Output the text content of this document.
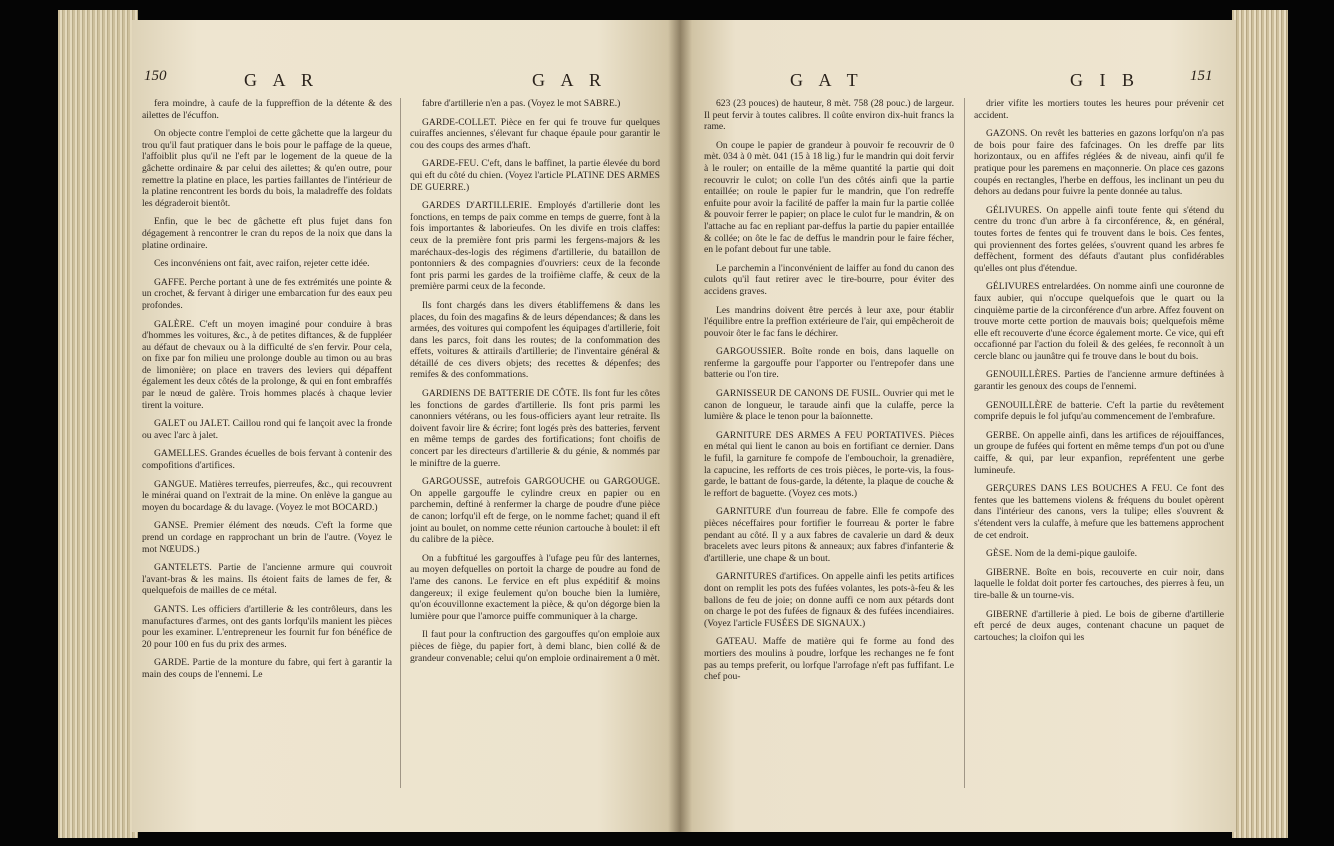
150	G A R	G A R

fera moindre, à caufe de la fuppreffion de la détente & des ailettes de l'écuffon.

On objecte contre l'emploi de cette gâchette que la largeur du trou qu'il faut pratiquer dans le bois pour le paffage de la queue, l'affoiblit plus qu'il ne l'eft par le logement de la queue de la gâchette ordinaire & par celui des ailettes; & qu'en outre, pour remettre la platine en place, les parties faillantes de l'intérieur de la platine rencontrent les bords du bois, la maladreffe des foldats les dégraderoit bientôt.

Enfin, que le bec de gâchette eft plus fujet dans fon dégagement à rencontrer le cran du repos de la noix que dans la platine ordinaire.

Ces inconvéniens ont fait, avec raifon, rejeter cette idée.

GAFFE. Perche portant à une de fes extrémités une pointe & un crochet, & fervant à diriger une embarcation fur des eaux peu profondes.

GALÈRE. C'eft un moyen imaginé pour conduire à bras d'hommes les voitures, &c., à de petites diftances, & de fuppléer au défaut de chevaux ou à la difficulté de s'en fervir. Pour cela, on fixe par fon milieu une prolonge double au timon ou au bras de limonière; on place en travers des leviers qui dépaffent également les deux côtés de la prolonge, & qui en font embraffés par le nœud de galère. Trois hommes placés à chaque levier tirent la voiture.

GALET ou JALET. Caillou rond qui fe lançoit avec la fronde ou avec l'arc à jalet.

GAMELLES. Grandes écuelles de bois fervant à contenir des compofitions d'artifices.

GANGUE. Matières terreufes, pierreufes, &c., qui recouvrent le minérai quand on l'extrait de la mine. On enlève la gangue au moyen du bocardage & du lavage. (Voyez le mot BOCARD.)

GANSE. Premier élément des nœuds. C'eft la forme que prend un cordage en rapprochant un brin de l'autre. (Voyez le mot NŒUDS.)

GANTELETS. Partie de l'ancienne armure qui couvroit l'avant-bras & les mains. Ils étoient faits de lames de fer, & quelquefois de mailles de ce métal.

GANTS. Les officiers d'artillerie & les contrôleurs, dans les manufactures d'armes, ont des gants lorfqu'ils manient les pièces pour les examiner. L'entrepreneur les fournit fur fon bénéfice de 20 pour 100 en fus du prix des armes.

GARDE. Partie de la monture du fabre, qui fert à garantir la main des coups de l'ennemi. Le

fabre d'artillerie n'en a pas. (Voyez le mot SABRE.)

GARDE-COLLET. Pièce en fer qui fe trouve fur quelques cuiraffes anciennes, s'élevant fur chaque épaule pour garantir le cou des coups des armes d'haft.

GARDE-FEU. C'eft, dans le baffinet, la partie élevée du bord qui eft du côté du chien. (Voyez l'article PLATINE DES ARMES DE GUERRE.)

GARDES D'ARTILLERIE. Employés d'artillerie dont les fonctions, en temps de paix comme en temps de guerre, font à la fois importantes & laborieufes. On les divife en trois claffes: ceux de la première font pris parmi les fergens-majors & les maréchaux-des-logis des régimens d'artillerie, du bataillon de pontonniers & des compagnies d'ouvriers: ceux de la feconde font pris parmi les gardes de la troifième claffe, & ceux de la première parmi ceux de la feconde.

Ils font chargés dans les divers établiffemens & dans les places, du foin des magafins & de leurs dépendances; & dans les armées, des voitures qui compofent les équipages d'artillerie, foit dans les parcs, foit dans les routes; de la confommation des effets, voitures & attirails d'artillerie; de l'inventaire général & détaillé de ces divers objets; des recettes & dépenfes; des remifes & des confommations.

GARDIENS DE BATTERIE DE CÔTE. Ils font fur les côtes les fonctions de gardes d'artillerie. Ils font pris parmi les canonniers vétérans, ou les fous-officiers ayant leur retraite. Ils doivent favoir lire & écrire; font logés près des batteries, fervent en même temps de gardes des fortifications; font choifis de concert par les directeurs d'artillerie & du génie, & nommés par le miniftre de la guerre.

GARGOUSSE, autrefois GARGOUCHE ou GARGOUGE. On appelle gargouffe le cylindre creux en papier ou en parchemin, deftiné à renfermer la charge de poudre d'une pièce de canon; lorfqu'il eft de ferge, on le nomme fachet; quand il eft joint au boulet, on nomme cette réunion cartouche à boulet: il eft du calibre de la pièce.

On a fubftitué les gargouffes à l'ufage peu fûr des lanternes, au moyen defquelles on portoit la charge de poudre au fond de l'ame des canons. Le fervice en eft plus expéditif & moins dangereux; il exige feulement qu'on bouche bien la lumière, qu'on écouvillonne exactement la pièce, & qu'on dégorge bien la lumière pour que l'amorce puiffe communiquer à la charge.

Il faut pour la conftruction des gargouffes qu'on emploie aux pièces de fiège, du papier fort, à demi blanc, bien collé & de grandeur convenable; celui qu'on emploie ordinairement a 0 mèt.

G A T	G I B	151

623 (23 pouces) de hauteur, 8 mèt. 758 (28 pouc.) de largeur. Il peut fervir à toutes calibres. Il coûte environ dix-huit francs la rame.

On coupe le papier de grandeur à pouvoir fe recouvrir de 0 mèt. 034 à 0 mèt. 041 (15 à 18 lig.) fur le mandrin qui doit fervir à le rouler; on entaille de la même quantité la partie qui doit recouvrir le culot; on colle l'un des côtés ainfi que la partie entaillée; on roule le papier fur le mandrin, que l'on redreffe enfuite pour avoir la facilité de paffer la main fur la partie collée & pouvoir ferrer le papier; on place le culot fur le mandrin, & on l'attache au fac en repliant par-deffus la partie du papier entaillée & collée; on ôte le fac de deffus le mandrin pour le faire fécher, en le pofant debout fur une table.

Le parchemin a l'inconvénient de laiffer au fond du canon des culots qu'il faut retirer avec le tire-bourre, pour éviter des accidens graves.

Les mandrins doivent être percés à leur axe, pour établir l'équilibre entre la preffion extérieure de l'air, qui empêcheroit de pouvoir ôter le fac fans le déchirer.

GARGOUSSIER. Boîte ronde en bois, dans laquelle on renferme la gargouffe pour l'apporter ou l'entrepofer dans une batterie ou l'on tire.

GARNISSEUR DE CANONS DE FUSIL. Ouvrier qui met le canon de longueur, le taraude ainfi que la culaffe, perce la lumière & place le tenon pour la baïonnette.

GARNITURE DES ARMES A FEU PORTATIVES. Pièces en métal qui lient le canon au bois en fortifiant ce dernier. Dans le fufil, la garniture fe compofe de l'embouchoir, la grenadière, la capucine, les refforts de ces trois pièces, le porte-vis, la fous-garde, le battant de fous-garde, la détente, la plaque de couche & le reffort de baguette. (Voyez ces mots.)

GARNITURE d'un fourreau de fabre. Elle fe compofe des pièces néceffaires pour fortifier le fourreau & porter le fabre pendant au côté. Il y a aux fabres de cavalerie un dard & deux bracelets avec leurs pitons & anneaux; aux fabres d'infanterie & d'artillerie, une chape & un bout.

GARNITURES d'artifices. On appelle ainfi les petits artifices dont on remplit les pots des fufées volantes, les pots-à-feu & les ballons de feu de joie; on donne auffi ce nom aux pétards dont on charge le pot des fufées de fignaux & des fufées incendiaires. (Voyez l'article FUSÉES DE SIGNAUX.)

GATEAU. Maffe de matière qui fe forme au fond des mortiers des moulins à poudre, lorfque les rechanges ne fe font pas au temps preferit, ou lorfque l'arrofage n'eft pas fuffifant. Le chef pou-

drier vifite les mortiers toutes les heures pour prévenir cet accident.

GAZONS. On revêt les batteries en gazons lorfqu'on n'a pas de bois pour faire des fafcinages. On les dreffe par lits horizontaux, ou en affifes réglées & de niveau, ainfi qu'il fe pratique pour les paremens en maçonnerie. On place ces gazons coupés en rectangles, l'herbe en deffous, les inclinant un peu du dehors au dedans pour fuivre la pente donnée au talus.

GÉLIVURES. On appelle ainfi toute fente qui s'étend du centre du tronc d'un arbre à fa circonférence, &, en général, toutes fortes de fentes qui fe trouvent dans le bois. Ces fentes, qui proviennent des fortes gelées, s'ouvrent quand les arbres fe deffèchent, forment des défauts d'autant plus confidérables qu'elles ont plus d'étendue.

GÉLIVURES entrelardées. On nomme ainfi une couronne de faux aubier, qui n'occupe quelquefois que le quart ou la cinquième partie de la circonférence d'un arbre. Affez fouvent on trouve morte cette portion de mauvais bois; quelquefois même elle eft recouverte d'une écorce également morte. Ce vice, qui eft occafionné par l'action du foleil & des gelées, fe reconnoît à un cercle blanc ou jaunâtre qui fe trouve dans le bout du bois.

GENOUILLÈRES. Parties de l'ancienne armure deftinées à garantir les genoux des coups de l'ennemi.

GENOUILLÈRE de batterie. C'eft la partie du revêtement comprife depuis le fol jufqu'au commencement de l'embrafure.

GERBE. On appelle ainfi, dans les artifices de réjouiffances, un groupe de fufées qui fortent en même temps d'un pot ou d'une caiffe, & qui, par leur expanfion, repréfentent une gerbe lumineufe.

GERÇURES DANS LES BOUCHES A FEU. Ce font des fentes que les battemens violens & fréquens du boulet opèrent dans l'intérieur des canons, vers la tulipe; elles s'ouvrent & s'étendent vers la culaffe, à mefure que les battemens approchent de cet endroit.

GÈSE. Nom de la demi-pique gauloife.

GIBERNE. Boîte en bois, recouverte en cuir noir, dans laquelle le foldat doit porter fes cartouches, des pierres à feu, un tire-balle & un tourne-vis.

GIBERNE d'artillerie à pied. Le bois de giberne d'artillerie eft percé de deux auges, contenant chacune un paquet de cartouches; la cloifon qui les
